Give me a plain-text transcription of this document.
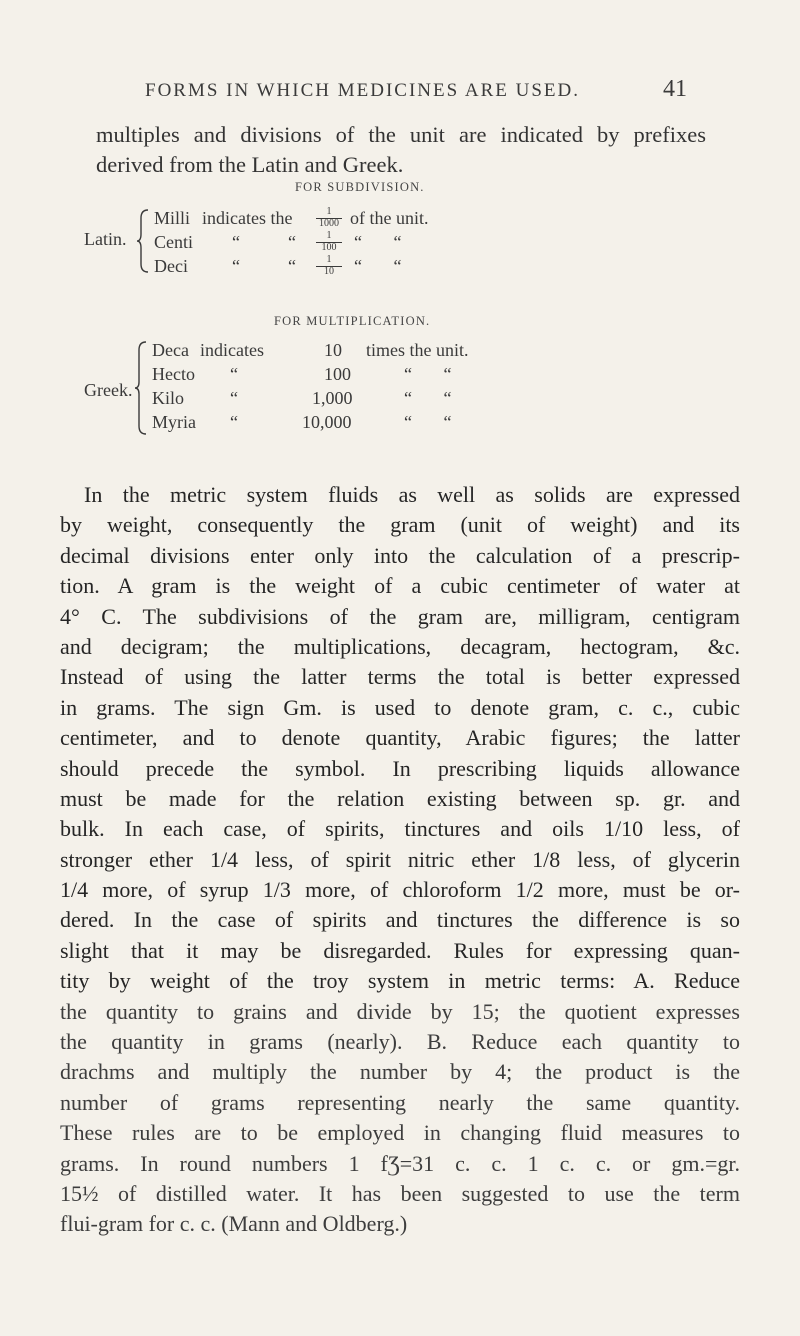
FORMS IN WHICH MEDICINES ARE USED.	41
multiples and divisions of the unit are indicated by prefixes
derived from the Latin and Greek.
FOR SUBDIVISION.
Latin.
Milli indicates the $\frac{1}{1000}$ of the unit.
Centi “	“ $\frac{1}{100}$ “       “
Deci “	“ $\frac{1}{10}$ “       “
FOR MULTIPLICATION.
Greek.
Deca indicates	10 times the unit.
Hecto “	100	“       “
Kilo	“	1,000	“       “
Myria “	10,000	“       “
In the metric system fluids as well as solids are expressed
by weight, consequently the gram (unit of weight) and its
decimal divisions enter only into the calculation of a prescrip-
tion. A gram is the weight of a cubic centimeter of water at
4° C. The subdivisions of the gram are, milligram, centigram
and decigram; the multiplications, decagram, hectogram, &c.
Instead of using the latter terms the total is better expressed
in grams. The sign Gm. is used to denote gram, c. c., cubic
centimeter, and to denote quantity, Arabic figures; the latter
should precede the symbol. In prescribing liquids allowance
must be made for the relation existing between sp. gr. and
bulk. In each case, of spirits, tinctures and oils 1/10 less, of
stronger ether 1/4 less, of spirit nitric ether 1/8 less, of glycerin
1/4 more, of syrup 1/3 more, of chloroform 1/2 more, must be or-
dered. In the case of spirits and tinctures the difference is so
slight that it may be disregarded. Rules for expressing quan-
tity by weight of the troy system in metric terms: A. Reduce
the quantity to grains and divide by 15; the quotient expresses
the quantity in grams (nearly). B. Reduce each quantity to
drachms and multiply the number by 4; the product is the
number of grams representing nearly the same quantity.
These rules are to be employed in changing fluid measures to
grams. In round numbers 1 fƷ=31 c. c. 1 c. c. or gm.=gr.
15½ of distilled water. It has been suggested to use the term
flui-gram for c. c. (Mann and Oldberg.)
